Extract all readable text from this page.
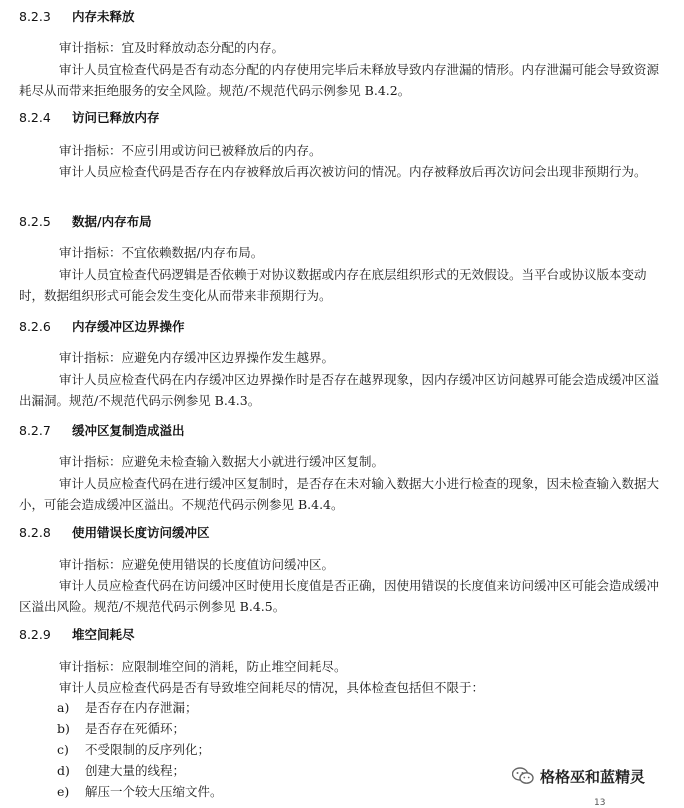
8.2.3 内存未释放

审计指标：宜及时释放动态分配的内存。

审计人员宜检查代码是否有动态分配的内存使用完毕后未释放导致内存泄漏的情形。内存泄漏可能会导致资源耗尽从而带来拒绝服务的安全风险。规范/不规范代码示例参见 B.4.2。

8.2.4 访问已释放内存

审计指标：不应引用或访问已被释放后的内存。

审计人员应检查代码是否存在内存被释放后再次被访问的情况。内存被释放后再次访问会出现非预期行为。

8.2.5 数据/内存布局

审计指标：不宜依赖数据/内存布局。

审计人员宜检查代码逻辑是否依赖于对协议数据或内存在底层组织形式的无效假设。当平台或协议版本变动时，数据组织形式可能会发生变化从而带来非预期行为。

8.2.6 内存缓冲区边界操作

审计指标：应避免内存缓冲区边界操作发生越界。

审计人员应检查代码在内存缓冲区边界操作时是否存在越界现象，因内存缓冲区访问越界可能会造成缓冲区溢出漏洞。规范/不规范代码示例参见 B.4.3。

8.2.7 缓冲区复制造成溢出

审计指标：应避免未检查输入数据大小就进行缓冲区复制。

审计人员应检查代码在进行缓冲区复制时，是否存在未对输入数据大小进行检查的现象，因未检查输入数据大小，可能会造成缓冲区溢出。不规范代码示例参见 B.4.4。

8.2.8 使用错误长度访问缓冲区

审计指标：应避免使用错误的长度值访问缓冲区。

审计人员应检查代码在访问缓冲区时使用长度值是否正确，因使用错误的长度值来访问缓冲区可能会造成缓冲区溢出风险。规范/不规范代码示例参见 B.4.5。

8.2.9 堆空间耗尽

审计指标：应限制堆空间的消耗，防止堆空间耗尽。

审计人员应检查代码是否有导致堆空间耗尽的情况，具体检查包括但不限于：

a) 是否存在内存泄漏；
b) 是否存在死循环；
c) 不受限制的反序列化；
d) 创建大量的线程；
e) 解压一个较大压缩文件。
格格巫和蓝精灵
13
